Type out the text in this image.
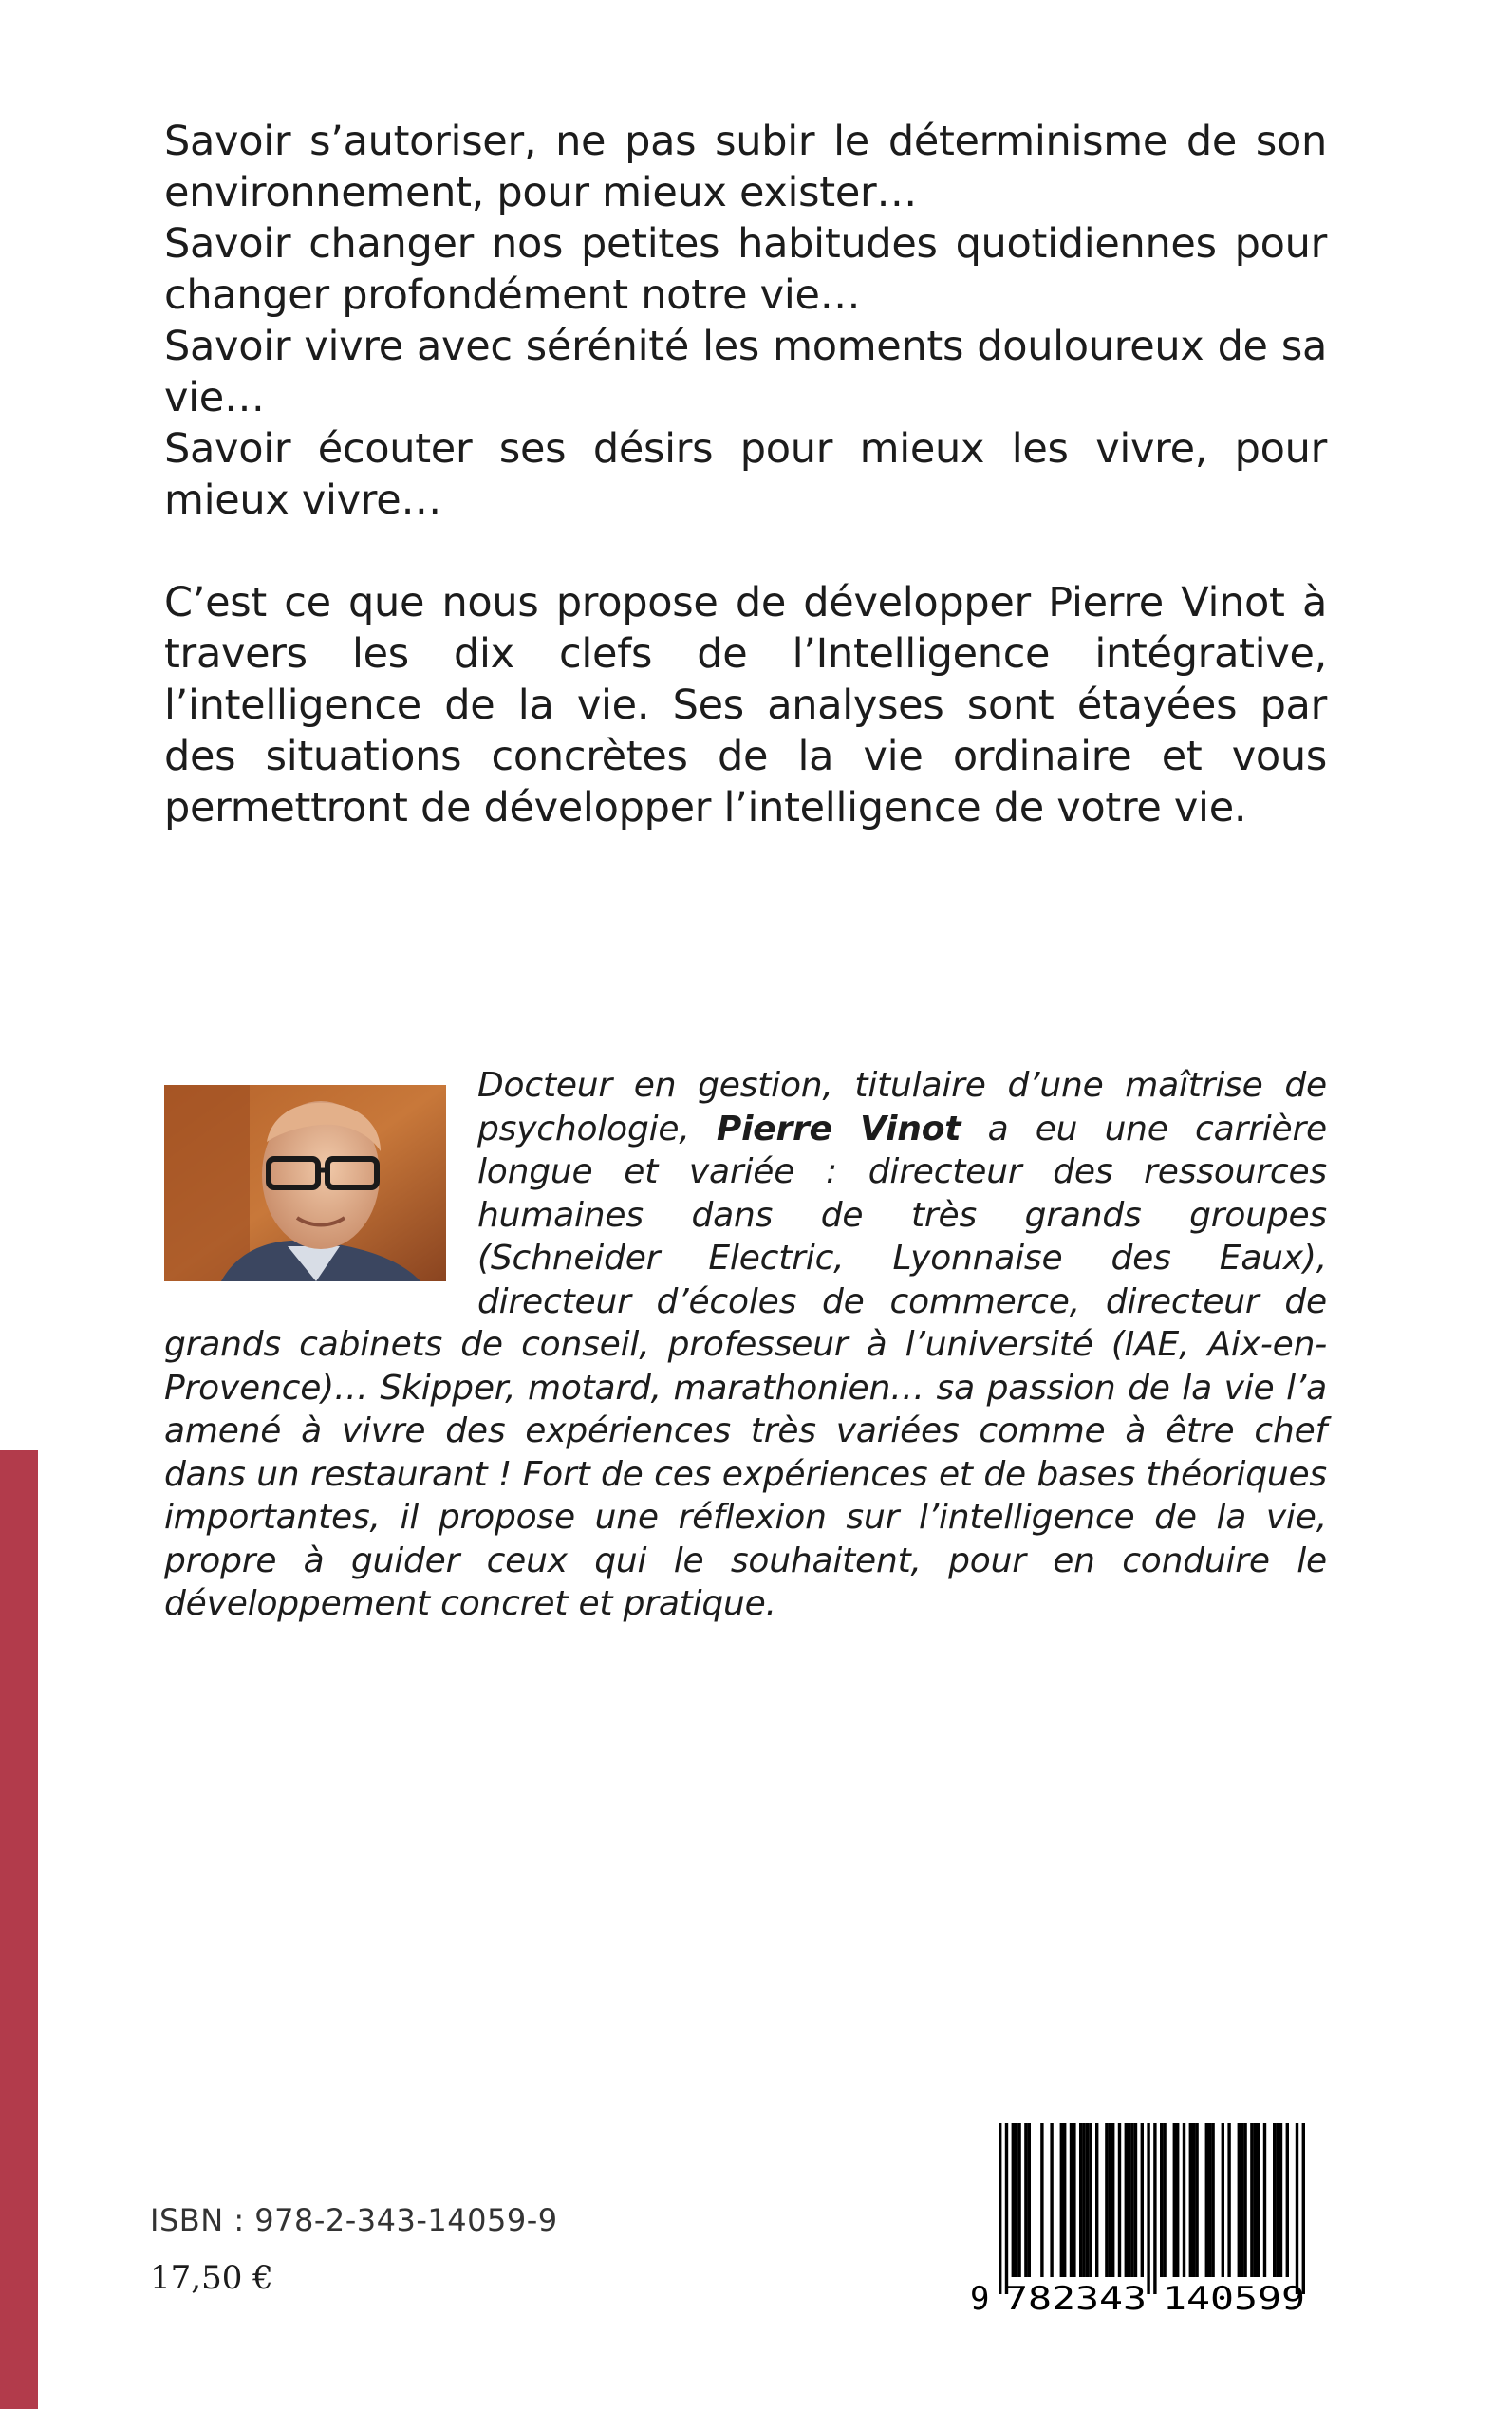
Savoir s’autoriser, ne pas subir le déterminisme de son environnement, pour mieux exister…

Savoir changer nos petites habitudes quotidiennes pour changer profondément notre vie…

Savoir vivre avec sérénité les moments douloureux de sa vie…

Savoir écouter ses désirs pour mieux les vivre, pour mieux vivre…

C’est ce que nous propose de développer Pierre Vinot à travers les dix clefs de l’Intelligence intégrative, l’intelligence de la vie. Ses analyses sont étayées par des situations concrètes de la vie ordinaire et vous permettront de développer l’intelligence de votre vie.

Docteur en gestion, titulaire d’une maîtrise de psychologie, Pierre Vinot a eu une carrière longue et variée : directeur des ressources humaines dans de très grands groupes (Schneider Electric, Lyonnaise des Eaux), directeur d’écoles de commerce, directeur de grands cabinets de conseil, professeur à l’université (IAE, Aix-en-Provence)… Skipper, motard, marathonien… sa passion de la vie l’a amené à vivre des expériences très variées comme à être chef dans un restaurant ! Fort de ces expériences et de bases théoriques importantes, il propose une réflexion sur l’intelligence de la vie, propre à guider ceux qui le souhaitent, pour en conduire le développement concret et pratique.

ISBN : 978-2-343-14059-9
17,50 €
9 782343 140599
